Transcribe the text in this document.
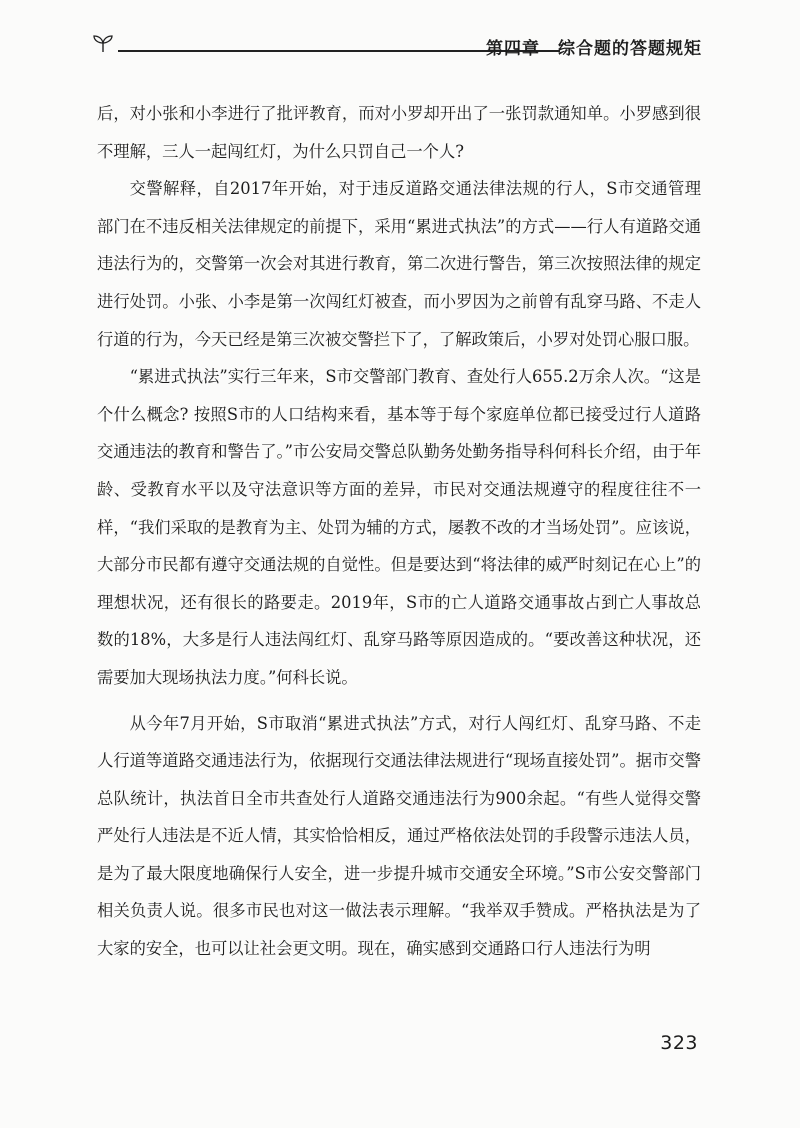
第四章 综合题的答题规矩

后，对小张和小李进行了批评教育，而对小罗却开出了一张罚款通知单。小罗感到很不理解，三人一起闯红灯，为什么只罚自己一个人?

交警解释，自2017年开始，对于违反道路交通法律法规的行人，S市交通管理部门在不违反相关法律规定的前提下，采用“累进式执法”的方式——行人有道路交通违法行为的，交警第一次会对其进行教育，第二次进行警告，第三次按照法律的规定进行处罚。小张、小李是第一次闯红灯被查，而小罗因为之前曾有乱穿马路、不走人行道的行为，今天已经是第三次被交警拦下了，了解政策后，小罗对处罚心服口服。

“累进式执法”实行三年来，S市交警部门教育、查处行人655.2万余人次。“这是个什么概念? 按照S市的人口结构来看，基本等于每个家庭单位都已接受过行人道路交通违法的教育和警告了。”市公安局交警总队勤务处勤务指导科何科长介绍，由于年龄、受教育水平以及守法意识等方面的差异，市民对交通法规遵守的程度往往不一样，“我们采取的是教育为主、处罚为辅的方式，屡教不改的才当场处罚”。应该说，大部分市民都有遵守交通法规的自觉性。但是要达到“将法律的威严时刻记在心上”的理想状况，还有很长的路要走。2019年，S市的亡人道路交通事故占到亡人事故总数的18%，大多是行人违法闯红灯、乱穿马路等原因造成的。“要改善这种状况，还需要加大现场执法力度。”何科长说。

从今年7月开始，S市取消“累进式执法”方式，对行人闯红灯、乱穿马路、不走人行道等道路交通违法行为，依据现行交通法律法规进行“现场直接处罚”。据市交警总队统计，执法首日全市共查处行人道路交通违法行为900余起。“有些人觉得交警严处行人违法是不近人情，其实恰恰相反，通过严格依法处罚的手段警示违法人员，是为了最大限度地确保行人安全，进一步提升城市交通安全环境。”S市公安交警部门相关负责人说。很多市民也对这一做法表示理解。“我举双手赞成。严格执法是为了大家的安全，也可以让社会更文明。现在，确实感到交通路口行人违法行为明

323
